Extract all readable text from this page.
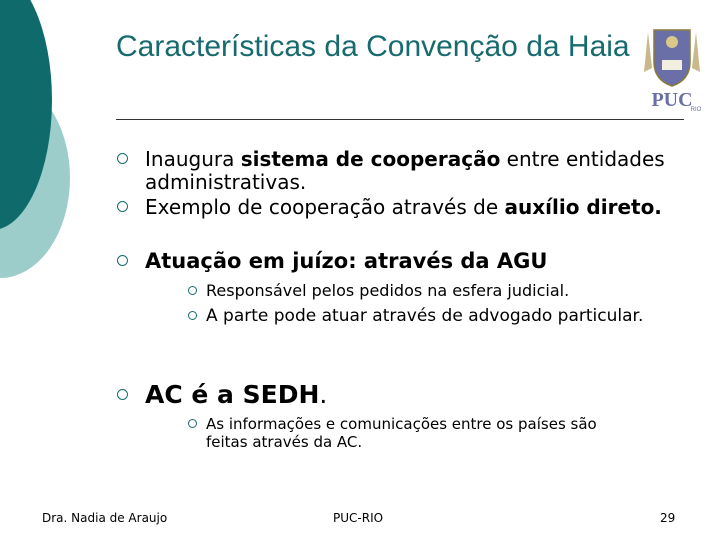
Características da Convenção da Haia
PUC
RIO
Inaugura sistema de cooperação entre entidades administrativas.
Exemplo de cooperação através de auxílio direto.
Atuação em juízo: através da AGU
Responsável pelos pedidos na esfera judicial.
A parte pode atuar através de advogado particular.
AC é a SEDH.
As informações e comunicações entre os países são feitas através da AC.
Dra. Nadia de Araujo	PUC-RIO	29
